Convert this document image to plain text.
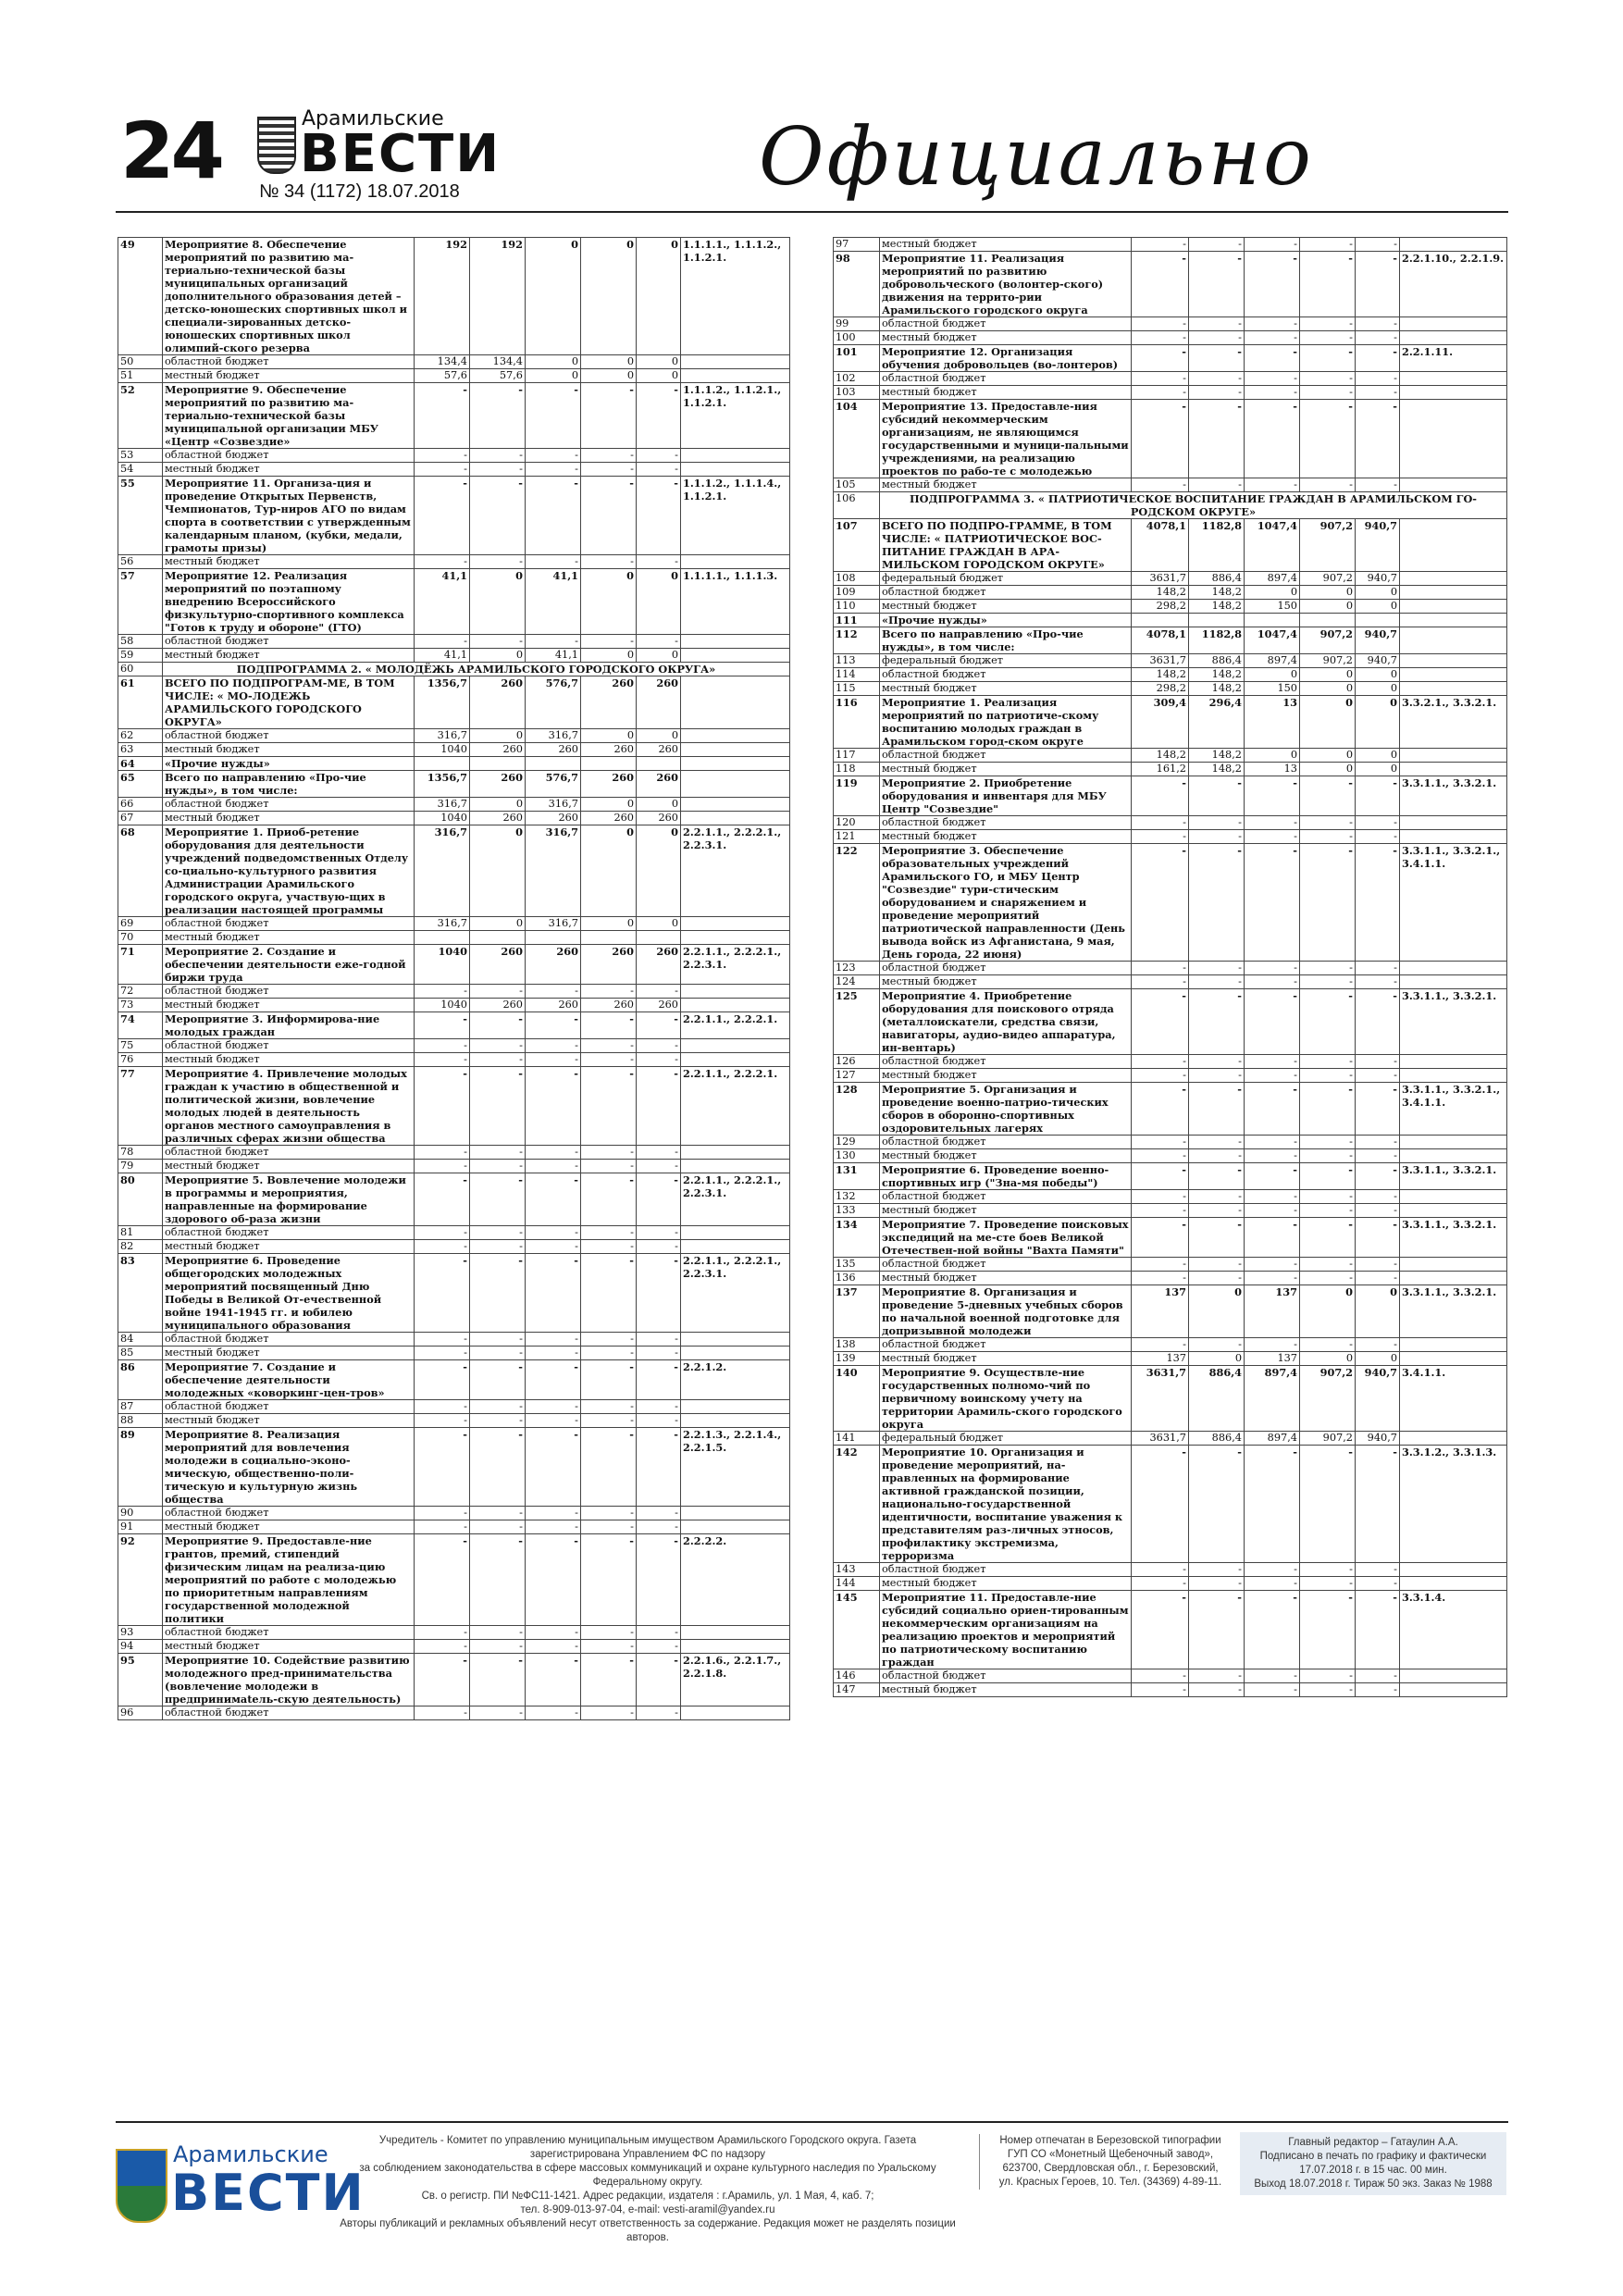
24	Арамильские
ВЕСТИ
№ 34 (1172) 18.07.2018	Официально
49	Мероприятие 8. Обеспечение мероприятий по развитию ма-териально-технической базы муниципальных организаций дополнительного образования детей – детско-юношеских спортивных школ и специали-зированных детско-юношеских спортивных школ олимпий-ского резерва	192	192	0	0	0	1.1.1.1., 1.1.1.2., 1.1.2.1.
50	областной бюджет	134,4	134,4	0	0	0	
51	местный бюджет	57,6	57,6	0	0	0	
52	Мероприятие 9. Обеспечение мероприятий по развитию ма-териально-технической базы муниципальной организации МБУ «Центр «Созвездие»	-	-	-	-	-	1.1.1.2., 1.1.2.1., 1.1.2.1.
53	областной бюджет	-	-	-	-	-	
54	местный бюджет	-	-	-	-	-	
55	Мероприятие 11. Организа-ция и проведение Открытых Первенств, Чемпионатов, Тур-ниров АГО по видам спорта в соответствии с утвержденным календарным планом, (кубки, медали, грамоты призы)	-	-	-	-	-	1.1.1.2., 1.1.1.4., 1.1.2.1.
56	местный бюджет	-	-	-	-	-	
57	Мероприятие 12. Реализация мероприятий по поэтапному внедрению Всероссийского физкультурно-спортивного комплекса "Готов к труду и обороне" (ГТО)	41,1	0	41,1	0	0	1.1.1.1., 1.1.1.3.
58	областной бюджет	-	-	-	-	-	
59	местный бюджет	41,1	0	41,1	0	0	
60	ПОДПРОГРАММА 2. « МОЛОДЁЖЬ АРАМИЛЬСКОГО ГОРОДСКОГО ОКРУГА»						
61	ВСЕГО ПО ПОДПРОГРАМ-МЕ, В ТОМ ЧИСЛЕ: « МО-ЛОДЕЖЬ АРАМИЛЬСКОГО ГОРОДСКОГО ОКРУГА»	1356,7	260	576,7	260	260	
62	областной бюджет	316,7	0	316,7	0	0	
63	местный бюджет	1040	260	260	260	260	
64	«Прочие нужды»						
65	Всего по направлению «Про-чие нужды», в том числе:	1356,7	260	576,7	260	260	
66	областной бюджет	316,7	0	316,7	0	0	
67	местный бюджет	1040	260	260	260	260	
68	Мероприятие 1. Приоб-ретение оборудования для деятельности учреждений подведомственных Отделу со-циально-культурного развития Администрации Арамильского городского округа, участвую-щих в реализации настоящей программы	316,7	0	316,7	0	0	2.2.1.1., 2.2.2.1., 2.2.3.1.
69	областной бюджет	316,7	0	316,7	0	0	
70	местный бюджет						
71	Мероприятие 2. Создание и обеспечении деятельности еже-годной биржи труда	1040	260	260	260	260	2.2.1.1., 2.2.2.1., 2.2.3.1.
72	областной бюджет	-	-	-	-	-	
73	местный бюджет	1040	260	260	260	260	
74	Мероприятие 3. Информирова-ние молодых граждан	-	-	-	-	-	2.2.1.1., 2.2.2.1.
75	областной бюджет	-	-	-	-	-	
76	местный бюджет	-	-	-	-	-	
77	Мероприятие 4. Привлечение молодых граждан к участию в общественной и политической жизни, вовлечение молодых людей в деятельность органов местного самоуправления в различных сферах жизни общества	-	-	-	-	-	2.2.1.1., 2.2.2.1.
78	областной бюджет	-	-	-	-	-	
79	местный бюджет	-	-	-	-	-	
80	Мероприятие 5. Вовлечение молодежи в программы и мероприятия, направленные на формирование здорового об-раза жизни	-	-	-	-	-	2.2.1.1., 2.2.2.1., 2.2.3.1.
81	областной бюджет	-	-	-	-	-	
82	местный бюджет	-	-	-	-	-	
83	Мероприятие 6. Проведение общегородских молодежных мероприятий посвященный Дню Победы в Великой От-ечественной войне 1941-1945 гг. и юбилею муниципального образования	-	-	-	-	-	2.2.1.1., 2.2.2.1., 2.2.3.1.
84	областной бюджет	-	-	-	-	-	
85	местный бюджет	-	-	-	-	-	
86	Мероприятие 7. Создание и обеспечение деятельности молодежных «коворкинг-цен-тров»	-	-	-	-	-	2.2.1.2.
87	областной бюджет	-	-	-	-	-	
88	местный бюджет	-	-	-	-	-	
89	Мероприятие 8. Реализация мероприятий для вовлечения молодежи в социально-эконо-мическую, общественно-поли-тическую и культурную жизнь общества	-	-	-	-	-	2.2.1.3., 2.2.1.4., 2.2.1.5.
90	областной бюджет	-	-	-	-	-	
91	местный бюджет	-	-	-	-	-	
92	Мероприятие 9. Предоставле-ние грантов, премий, стипендий физическим лицам на реализа-цию мероприятий по работе с молодежью по приоритетным направлениям государственной молодежной политики	-	-	-	-	-	2.2.2.2.
93	областной бюджет	-	-	-	-	-	
94	местный бюджет	-	-	-	-	-	
95	Мероприятие 10. Содействие развитию молодежного пред-принимательства (вовлечение молодежи в предпринимatель-скую деятельность)	-	-	-	-	-	2.2.1.6., 2.2.1.7., 2.2.1.8.
96	областной бюджет	-	-	-	-	-	
97	местный бюджет	-	-	-	-	-	
98	Мероприятие 11. Реализация мероприятий по развитию добровольческого (волонтер-ского) движения на террито-рии Арамильского городского округа	-	-	-	-	-	2.2.1.10., 2.2.1.9.
99	областной бюджет	-	-	-	-	-	
100	местный бюджет	-	-	-	-	-	
101	Мероприятие 12. Организация обучения добровольцев (во-лонтеров)	-	-	-	-	-	2.2.1.11.
102	областной бюджет	-	-	-	-	-	
103	местный бюджет	-	-	-	-	-	
104	Мероприятие 13. Предоставле-ния субсидий некоммерческим организациям, не являющимся государственными и муници-пальными учреждениями, на реализацию проектов по рабо-те с молодежью	-	-	-	-	-	
105	местный бюджет	-	-	-	-	-	
106	ПОДПРОГРАММА 3. « ПАТРИОТИЧЕСКОЕ ВОСПИТАНИЕ ГРАЖДАН В АРАМИЛЬСКОМ ГО-РОДСКОМ ОКРУГЕ»						
107	ВСЕГО ПО ПОДПРО-ГРАММЕ, В ТОМ ЧИСЛЕ: « ПАТРИОТИЧЕСКОЕ ВОС-ПИТАНИЕ ГРАЖДАН В АРА-МИЛЬСКОМ ГОРОДСКОМ ОКРУГЕ»	4078,1	1182,8	1047,4	907,2	940,7	
108	федеральный бюджет	3631,7	886,4	897,4	907,2	940,7	
109	областной бюджет	148,2	148,2	0	0	0	
110	местный бюджет	298,2	148,2	150	0	0	
111	«Прочие нужды»						
112	Всего по направлению «Про-чие нужды», в том числе:	4078,1	1182,8	1047,4	907,2	940,7	
113	федеральный бюджет	3631,7	886,4	897,4	907,2	940,7	
114	областной бюджет	148,2	148,2	0	0	0	
115	местный бюджет	298,2	148,2	150	0	0	
116	Мероприятие 1. Реализация мероприятий по патриотиче-скому воспитанию молодых граждан в Арамильском город-ском округе	309,4	296,4	13	0	0	3.3.2.1., 3.3.2.1.
117	областной бюджет	148,2	148,2	0	0	0	
118	местный бюджет	161,2	148,2	13	0	0	
119	Мероприятие 2. Приобретение оборудования и инвентаря для МБУ Центр "Созвездие"	-	-	-	-	-	3.3.1.1., 3.3.2.1.
120	областной бюджет	-	-	-	-	-	
121	местный бюджет	-	-	-	-	-	
122	Мероприятие 3. Обеспечение образовательных учреждений Арамильского ГО, и МБУ Центр "Созвездие" тури-стическим оборудованием и снаряжением и проведение мероприятий патриотической направленности (День вывода войск из Афганистана, 9 мая, День города, 22 июня)	-	-	-	-	-	3.3.1.1., 3.3.2.1., 3.4.1.1.
123	областной бюджет	-	-	-	-	-	
124	местный бюджет	-	-	-	-	-	
125	Мероприятие 4. Приобретение оборудования для поискового отряда (металлоискатели, средства связи, навигаторы, аудио-видео аппаратура, ин-вентарь)	-	-	-	-	-	3.3.1.1., 3.3.2.1.
126	областной бюджет	-	-	-	-	-	
127	местный бюджет	-	-	-	-	-	
128	Мероприятие 5. Организация и проведение военно-патрио-тических сборов в оборонно-спортивных оздоровительных лагерях	-	-	-	-	-	3.3.1.1., 3.3.2.1., 3.4.1.1.
129	областной бюджет	-	-	-	-	-	
130	местный бюджет	-	-	-	-	-	
131	Мероприятие 6. Проведение военно-спортивных игр ("Зна-мя победы")	-	-	-	-	-	3.3.1.1., 3.3.2.1.
132	областной бюджет	-	-	-	-	-	
133	местный бюджет	-	-	-	-	-	
134	Мероприятие 7. Проведение поисковых экспедиций на ме-сте боев Великой Отечествен-ной войны "Вахта Памяти"	-	-	-	-	-	3.3.1.1., 3.3.2.1.
135	областной бюджет	-	-	-	-	-	
136	местный бюджет	-	-	-	-	-	
137	Мероприятие 8. Организация и проведение 5-дневных учебных сборов по начальной военной подготовке для допризывной молодежи	137	0	137	0	0	3.3.1.1., 3.3.2.1.
138	областной бюджет	-	-	-	-	-	
139	местный бюджет	137	0	137	0	0	
140	Мероприятие 9. Осуществле-ние государственных полномо-чий по первичному воинскому учету на территории Арамиль-ского городского округа	3631,7	886,4	897,4	907,2	940,7	3.4.1.1.
141	федеральный бюджет	3631,7	886,4	897,4	907,2	940,7	
142	Мероприятие 10. Организация и проведение мероприятий, на-правленных на формирование активной гражданской позиции, национально-государственной идентичности, воспитание уважения к представителям раз-личных этносов, профилактику экстремизма, терроризма	-	-	-	-	-	3.3.1.2., 3.3.1.3.
143	областной бюджет	-	-	-	-	-	
144	местный бюджет	-	-	-	-	-	
145	Мероприятие 11. Предоставле-ние субсидий социально ориен-тированным некоммерческим организациям на реализацию проектов и мероприятий по патриотическому воспитанию граждан	-	-	-	-	-	3.3.1.4.
146	областной бюджет	-	-	-	-	-	
147	местный бюджет	-	-	-	-	-	
Арамильские
ВЕСТИ
Учредитель - Комитет по управлению муниципальным имуществом Арамильского Городского округа. Газета зарегистрирована Управлением ФС по надзору
за соблюдением законодательства в сфере массовых коммуникаций и охране культурного наследия по Уральскому Федеральному округу.
Св. о регистр. ПИ №ФС11-1421. Адрес редакции, издателя : г.Арамиль, ул. 1 Мая, 4, каб. 7;
тел. 8-909-013-97-04, e-mail: vesti-aramil@yandex.ru
Авторы публикаций и рекламных объявлений несут ответственность за содержание. Редакция может не разделять позиции авторов.
Номер отпечатан в Березовской типографии
ГУП СО «Монетный Щебеночный завод»,
623700, Свердловская обл., г. Березовский,
ул. Красных Героев, 10. Тел. (34369) 4-89-11.
Главный редактор – Гатаулин А.А.
Подписано в печать по графику и фактически
17.07.2018 г. в 15 час. 00 мин.
Выход 18.07.2018 г. Тираж 50 экз. Заказ № 1988
